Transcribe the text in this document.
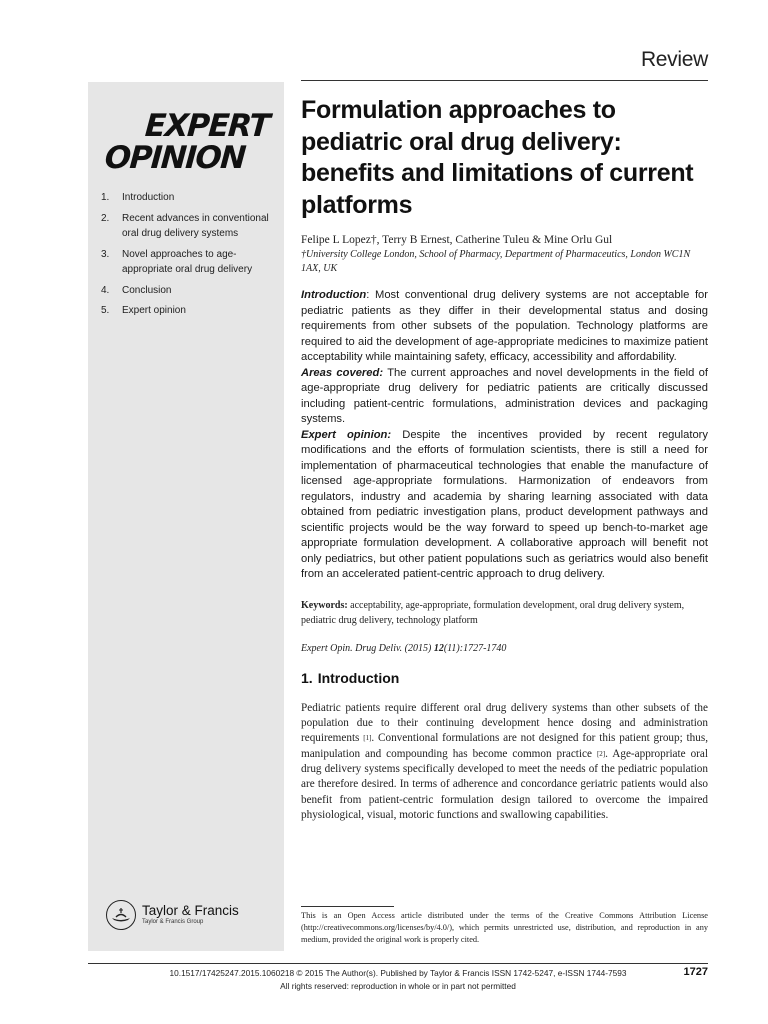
EXPERT
OPINION
1.	Introduction
2.	Recent advances in conventional oral drug delivery systems
3.	Novel approaches to age-appropriate oral drug delivery
4.	Conclusion
5.	Expert opinion
Taylor & Francis
Taylor & Francis Group
Review
Formulation approaches to pediatric oral drug delivery: benefits and limitations of current platforms
Felipe L Lopez†, Terry B Ernest, Catherine Tuleu & Mine Orlu Gul
†University College London, School of Pharmacy, Department of Pharmaceutics, London WC1N 1AX, UK

Introduction: Most conventional drug delivery systems are not acceptable for pediatric patients as they differ in their developmental status and dosing requirements from other subsets of the population. Technology platforms are required to aid the development of age-appropriate medicines to maximize patient acceptability while maintaining safety, efficacy, accessibility and affordability.

Areas covered: The current approaches and novel developments in the field of age-appropriate drug delivery for pediatric patients are critically discussed including patient-centric formulations, administration devices and packaging systems.

Expert opinion: Despite the incentives provided by recent regulatory modifications and the efforts of formulation scientists, there is still a need for implementation of pharmaceutical technologies that enable the manufacture of licensed age-appropriate formulations. Harmonization of endeavors from regulators, industry and academia by sharing learning associated with data obtained from pediatric investigation plans, product development pathways and scientific projects would be the way forward to speed up bench-to-market age appropriate formulation development. A collaborative approach will benefit not only pediatrics, but other patient populations such as geriatrics would also benefit from an accelerated patient-centric approach to drug delivery.

Keywords: acceptability, age-appropriate, formulation development, oral drug delivery system, pediatric drug delivery, technology platform
Expert Opin. Drug Deliv. (2015) 12(11):1727-1740
1. Introduction

Pediatric patients require different oral drug delivery systems than other subsets of the population due to their continuing development hence dosing and administration requirements [1]. Conventional formulations are not designed for this patient group; thus, manipulation and compounding has become common practice [2]. Age-appropriate oral drug delivery systems specifically developed to meet the needs of the pediatric population are therefore desired. In terms of adherence and concordance geriatric patients would also benefit from patient-centric formulation design tailored to overcome the impaired physiological, visual, motoric functions and swallowing capabilities.

This is an Open Access article distributed under the terms of the Creative Commons Attribution License (http://creativecommons.org/licenses/by/4.0/), which permits unrestricted use, distribution, and reproduction in any medium, provided the original work is properly cited.
10.1517/17425247.2015.1060218 © 2015 The Author(s). Published by Taylor & Francis ISSN 1742-5247, e-ISSN 1744-7593
All rights reserved: reproduction in whole or in part not permitted
1727
